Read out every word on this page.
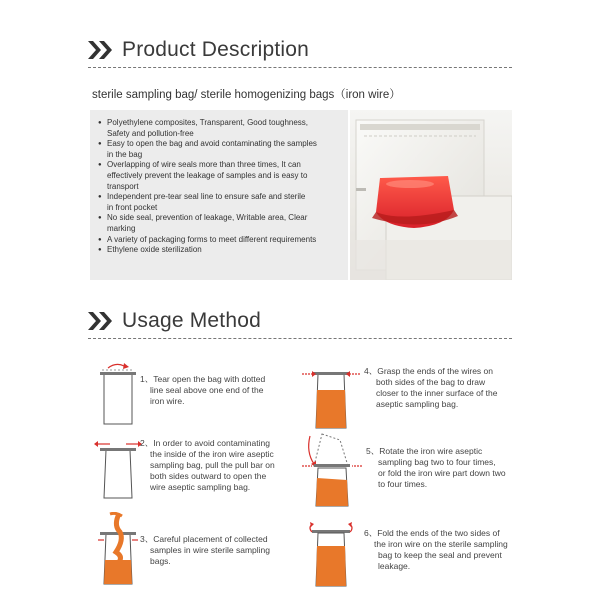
Product Description
sterile sampling bag/ sterile homogenizing bags（iron wire）
● Polyethylene composites, Transparent, Good toughness,
Safety and pollution-free
● Easy to open the bag and avoid contaminating the samples
in the bag
● Overlapping of wire seals more than three times, It can
effectively prevent the leakage of samples and is easy to
transport
● Independent pre-tear seal line to ensure safe and sterile
in front pocket
● No side seal, prevention of leakage, Writable area, Clear
marking
● A variety of packaging forms to meet different requirements
● Ethylene oxide sterilization
Usage Method
1、Tear open the bag with dotted
line seal above one end of the
iron wire.
2、In order to avoid contaminating
the inside of the iron wire aseptic
sampling bag, pull the pull bar on
both sides outward to open the
wire aseptic sampling bag.
3、Careful placement of collected
samples in wire sterile sampling
bags.
4、Grasp the ends of the wires on
both sides of the bag to draw
closer to the inner surface of the
aseptic sampling bag.
5、Rotate the iron wire aseptic
sampling bag two to four times,
or fold the iron wire part down two
to four times.
6、Fold the ends of the two sides of
the iron wire on the sterile sampling
bag to keep the seal and prevent
leakage.
